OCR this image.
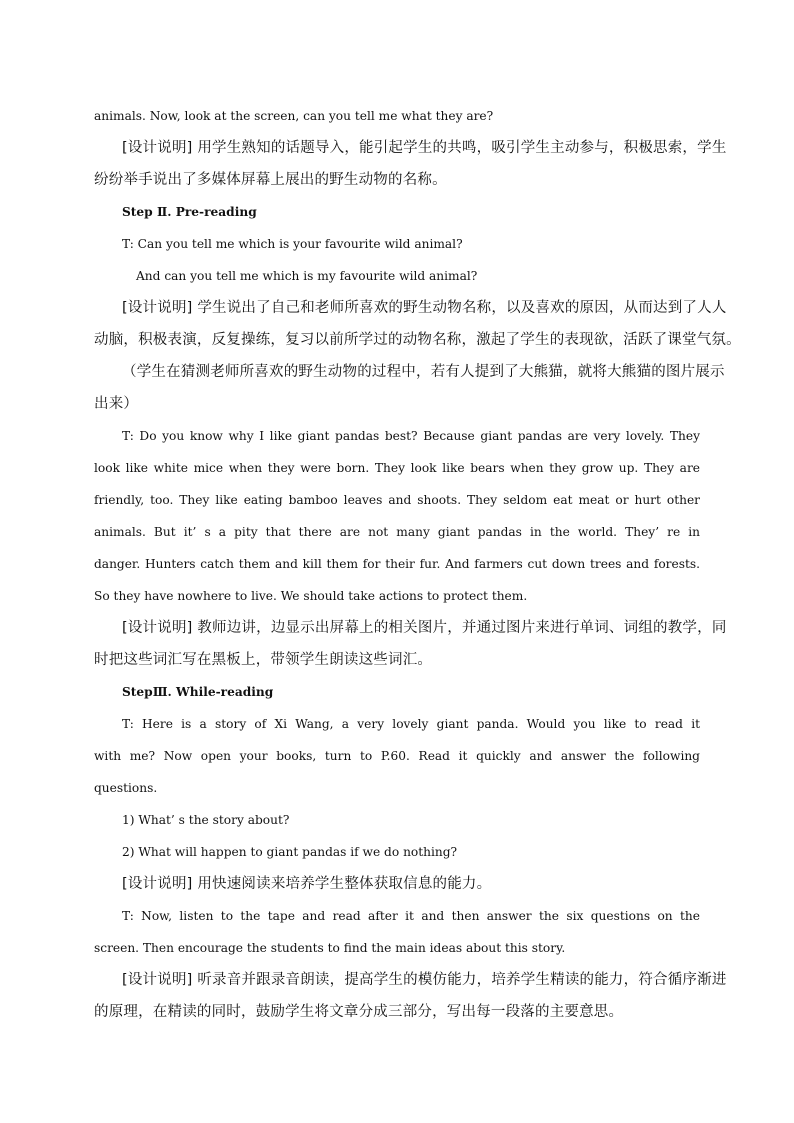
animals. Now, look at the screen, can you tell me what they are?

[设计说明] 用学生熟知的话题导入，能引起学生的共鸣，吸引学生主动参与，积极思索，学生

纷纷举手说出了多媒体屏幕上展出的野生动物的名称。

Step Ⅱ. Pre-reading

T: Can you tell me which is your favourite wild animal?

And can you tell me which is my favourite wild animal?

[设计说明] 学生说出了自己和老师所喜欢的野生动物名称，以及喜欢的原因，从而达到了人人

动脑，积极表演，反复操练，复习以前所学过的动物名称，激起了学生的表现欲，活跃了课堂气氛。

（学生在猜测老师所喜欢的野生动物的过程中，若有人提到了大熊猫，就将大熊猫的图片展示

出来）

T: Do you know why I like giant pandas best? Because giant pandas are very lovely. They

look like white mice when they were born. They look like bears when they grow up. They are

friendly, too. They like eating bamboo leaves and shoots. They seldom eat meat or hurt other

animals. But it’ s a pity that there are not many giant pandas in the world. They’ re in

danger. Hunters catch them and kill them for their fur. And farmers cut down trees and forests.

So they have nowhere to live. We should take actions to protect them.

[设计说明] 教师边讲，边显示出屏幕上的相关图片，并通过图片来进行单词、词组的教学，同

时把这些词汇写在黑板上，带领学生朗读这些词汇。

StepⅢ. While-reading

T: Here is a story of Xi Wang, a very lovely giant panda. Would you like to read it

with me? Now open your books, turn to P.60. Read it quickly and answer the following

questions.

1) What’ s the story about?

2) What will happen to giant pandas if we do nothing?

[设计说明] 用快速阅读来培养学生整体获取信息的能力。

T: Now, listen to the tape and read after it and then answer the six questions on the

screen. Then encourage the students to find the main ideas about this story.

[设计说明] 听录音并跟录音朗读，提高学生的模仿能力，培养学生精读的能力，符合循序渐进

的原理，在精读的同时，鼓励学生将文章分成三部分，写出每一段落的主要意思。
